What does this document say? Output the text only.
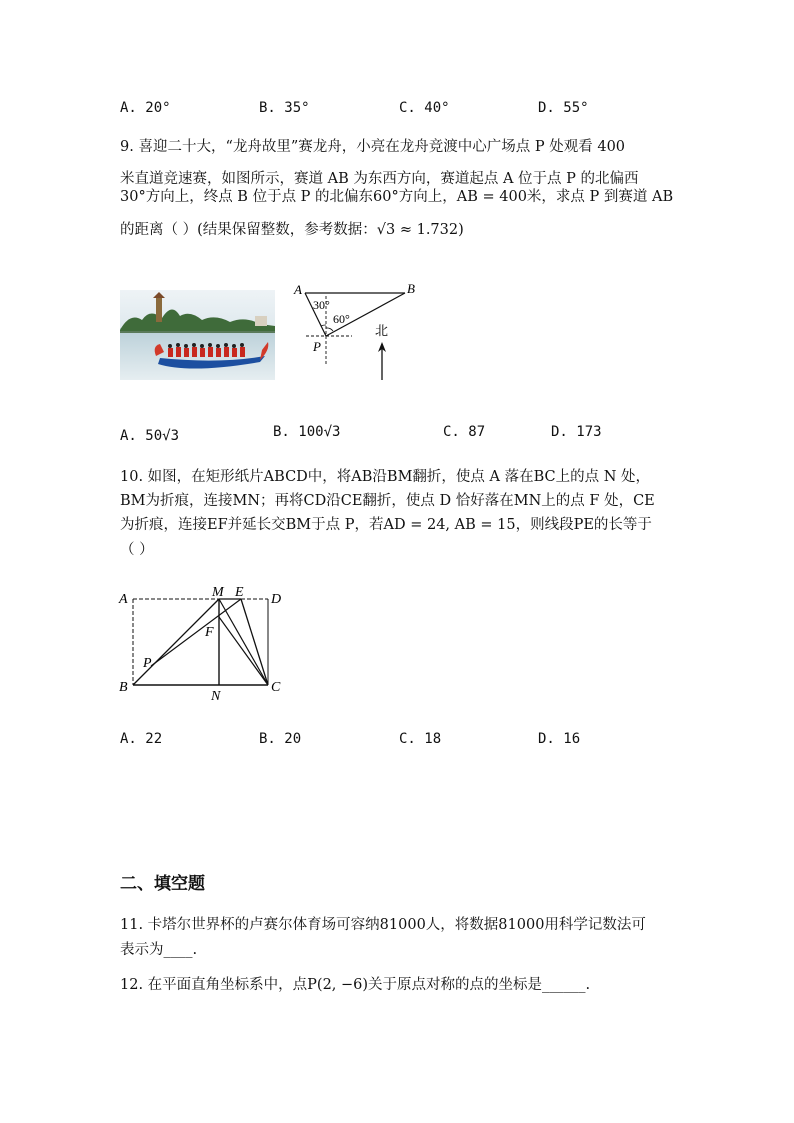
A. 20°	B. 35°	C. 40°	D. 55°
9. 喜迎二十大，“龙舟故里”赛龙舟，小亮在龙舟竞渡中心广场点 P 处观看 400
米直道竞速赛，如图所示，赛道 AB 为东西方向，赛道起点 A 位于点 P 的北偏西
30°方向上，终点 B 位于点 P 的北偏东60°方向上，AB = 400米，求点 P 到赛道 AB
的距离（ ）(结果保留整数，参考数据：√3 ≈ 1.732)
A	B
P
30°
60°
北
A. 50√3	B. 100√3	C. 87	D. 173
10. 如图，在矩形纸片ABCD中，将AB沿BM翻折，使点 A 落在BC上的点 N 处，
BM为折痕，连接MN；再将CD沿CE翻折，使点 D 恰好落在MN上的点 F 处，CE
为折痕，连接EF并延长交BM于点 P，若AD = 24, AB = 15，则线段PE的长等于
（ ）
A	M E D
F
P
B
N
C
A. 22	B. 20	C. 18	D. 16
二、填空题
11. 卡塔尔世界杯的卢赛尔体育场可容纳81000人，将数据81000用科学记数法可
表示为____.
12. 在平面直角坐标系中，点P(2, −6)关于原点对称的点的坐标是______.
